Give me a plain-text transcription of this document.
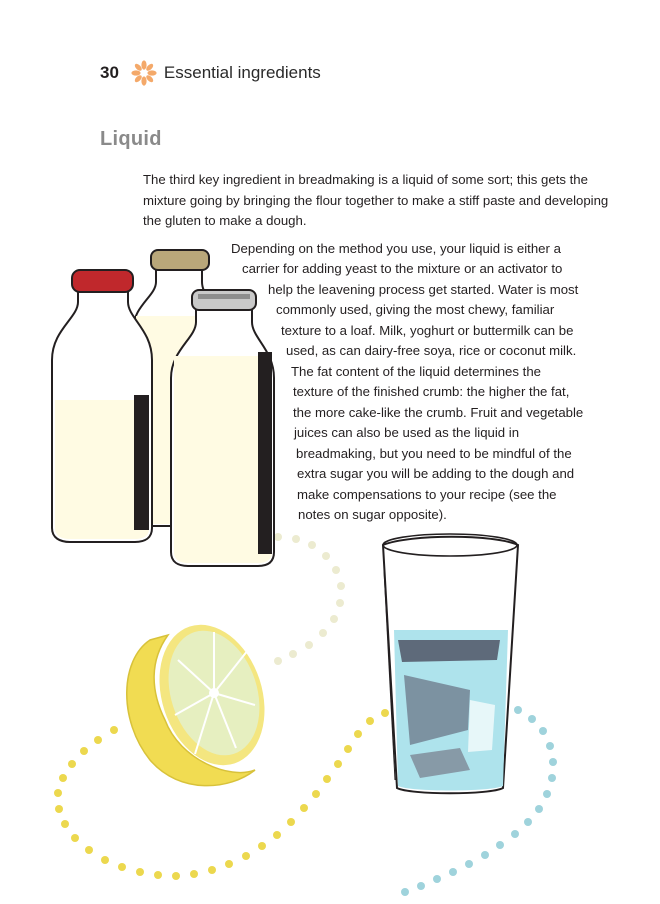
30	Essential ingredients
Liquid

The third key ingredient in breadmaking is a liquid of some sort; this gets the mixture going by bringing the flour together to make a stiff paste and developing the gluten to make a dough.

Depending on the method you use, your liquid is either a
carrier for adding yeast to the mixture or an activator to
help the leavening process get started. Water is most
commonly used, giving the most chewy, familiar
texture to a loaf. Milk, yoghurt or buttermilk can be
used, as can dairy-free soya, rice or coconut milk.
The fat content of the liquid determines the
texture of the finished crumb: the higher the fat,
the more cake-like the crumb. Fruit and vegetable
juices can also be used as the liquid in
breadmaking, but you need to be mindful of the
extra sugar you will be adding to the dough and
make compensations to your recipe (see the
notes on sugar opposite).
